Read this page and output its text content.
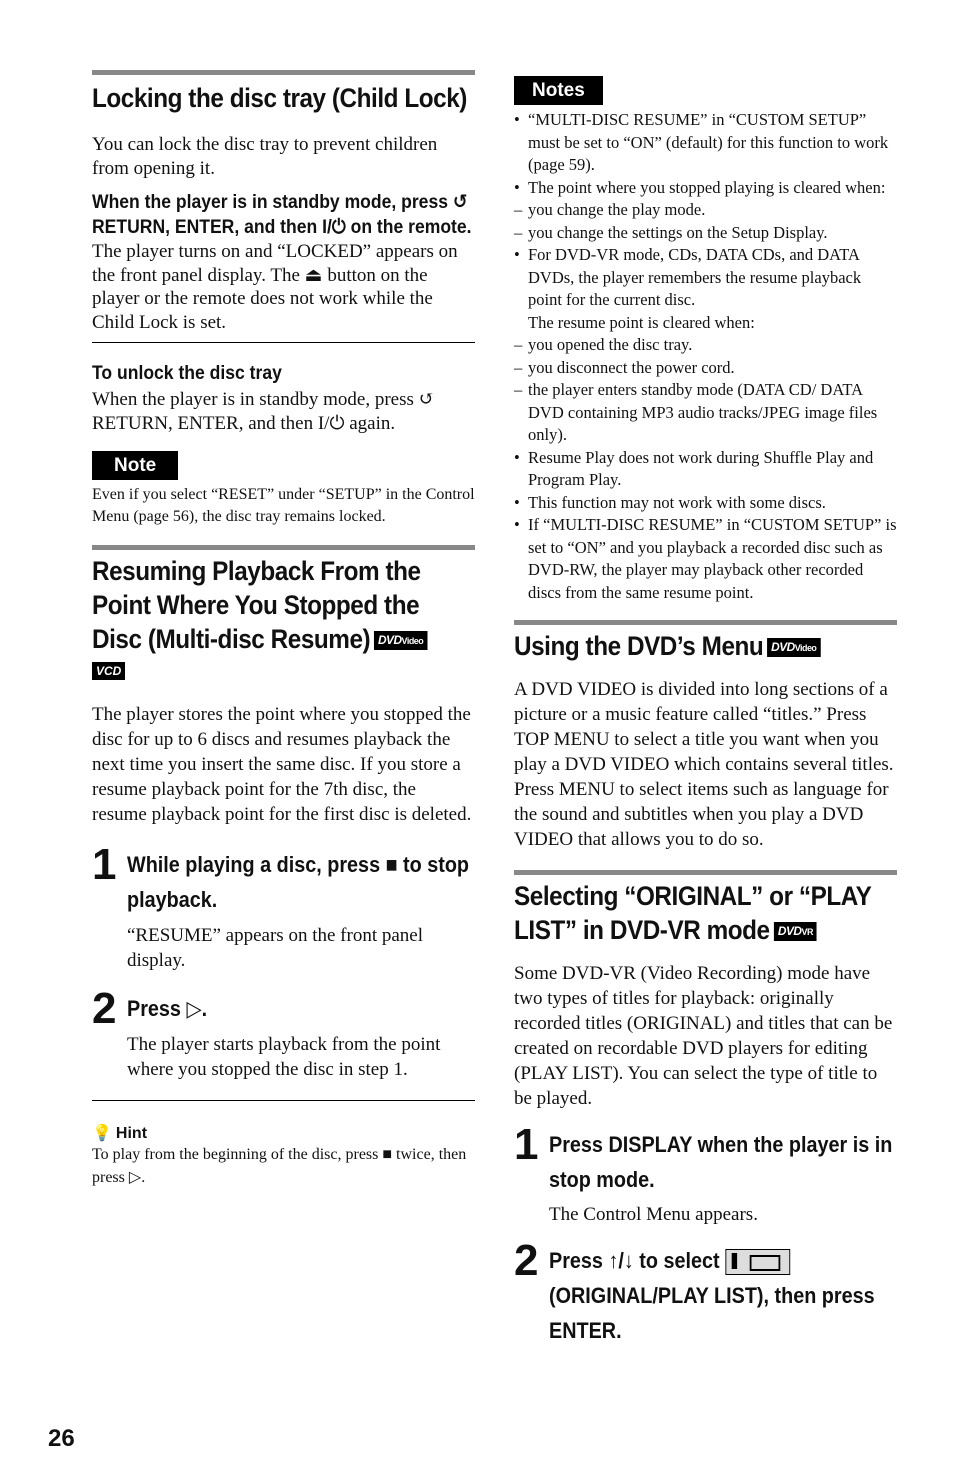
Locking the disc tray (Child Lock)

You can lock the disc tray to prevent children from opening it.

When the player is in standby mode, press ↺ RETURN, ENTER, and then I/⏻ on the remote.

The player turns on and “LOCKED” appears on the front panel display. The ⏏ button on the player or the remote does not work while the Child Lock is set.

To unlock the disc tray

When the player is in standby mode, press ↺ RETURN, ENTER, and then I/⏻ again.

Note
Even if you select “RESET” under “SETUP” in the Control Menu (page 56), the disc tray remains locked.
Resuming Playback From the Point Where You Stopped the Disc (Multi-disc Resume) DVDVideo
VCD

The player stores the point where you stopped the disc for up to 6 discs and resumes playback the next time you insert the same disc. If you store a resume playback point for the 7th disc, the resume playback point for the first disc is deleted.

1 While playing a disc, press ■ to stop playback.

“RESUME” appears on the front panel display.

2 Press ▷.

The player starts playback from the point where you stopped the disc in step 1.

💡 Hint
To play from the beginning of the disc, press ■ twice, then press ▷.
Notes
• “MULTI-DISC RESUME” in “CUSTOM SETUP” must be set to “ON” (default) for this function to work (page 59).
• The point where you stopped playing is cleared when:
– you change the play mode.
– you change the settings on the Setup Display.
• For DVD-VR mode, CDs, DATA CDs, and DATA DVDs, the player remembers the resume playback point for the current disc.
The resume point is cleared when:
– you opened the disc tray.
– you disconnect the power cord.
– the player enters standby mode (DATA CD/ DATA DVD containing MP3 audio tracks/JPEG image files only).
• Resume Play does not work during Shuffle Play and Program Play.
• This function may not work with some discs.
• If “MULTI-DISC RESUME” in “CUSTOM SETUP” is set to “ON” and you playback a recorded disc such as DVD-RW, the player may playback other recorded discs from the same resume point.
Using the DVD’s Menu DVDVideo

A DVD VIDEO is divided into long sections of a picture or a music feature called “titles.” Press TOP MENU to select a title you want when you play a DVD VIDEO which contains several titles.

Press MENU to select items such as language for the sound and subtitles when you play a DVD VIDEO that allows you to do so.

Selecting “ORIGINAL” or “PLAY LIST” in DVD-VR mode DVDVR

Some DVD-VR (Video Recording) mode have two types of titles for playback: originally recorded titles (ORIGINAL) and titles that can be created on recordable DVD players for editing (PLAY LIST). You can select the type of title to be played.

1 Press DISPLAY when the player is in stop mode.

The Control Menu appears.

2 Press ↑/↓ to select
(ORIGINAL/PLAY LIST), then press ENTER.

26
